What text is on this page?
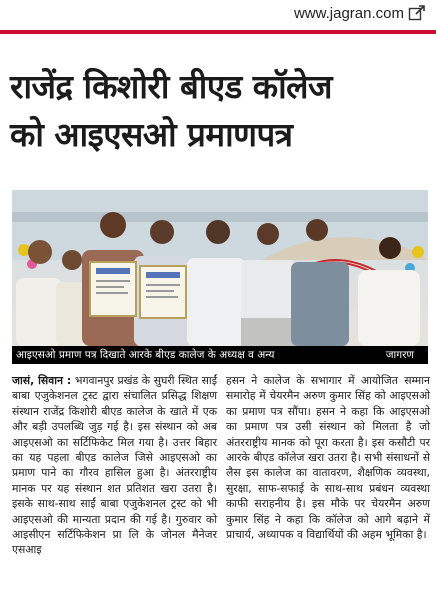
www.jagran.com
राजेंद्र किशोरी बीएड कॉलेज
को आइएसओ प्रमाणपत्र
आइएसओ प्रमाण पत्र दिखाते आरके बीएड कालेज के अध्यक्ष व अन्य	जागरण

जासं, सिवान : भगवानपुर प्रखंड के सुघरी स्थित साईं बाबा एजुकेशनल ट्रस्ट द्वारा संचालित प्रसिद्ध शिक्षण संस्थान राजेंद्र किशोरी बीएड कालेज के खाते में एक और बड़ी उपलब्धि जुड़ गई है। इस संस्थान को अब आइएसओ का सर्टिफिकेट मिल गया है। उत्तर बिहार का यह पहला बीएड कालेज जिसे आइएसओ का प्रमाण पाने का गौरव हासिल हुआ है। अंतरराष्ट्रीय मानक पर यह संस्थान शत प्रतिशत खरा उतरा है। इसके साथ-साथ साईं बाबा एजुकेशनल ट्रस्ट को भी आइएसओ की मान्यता प्रदान की गई है। गुरुवार को आइसीएन सर्टिफिकेशन प्रा लि के जोनल मैनेजर एसआइ

हसन ने कालेज के सभागार में आयोजित सम्मान समारोह में चेयरमैन अरुण कुमार सिंह को आइएसओ का प्रमाण पत्र सौंपा। हसन ने कहा कि आइएसओ का प्रमाण पत्र उसी संस्थान को मिलता है जो अंतरराष्ट्रीय मानक को पूरा करता है। इस कसौटी पर आरके बीएड कॉलेज खरा उतरा है। सभी संसाधनों से लैस इस कालेज का वातावरण, शैक्षणिक व्यवस्था, सुरक्षा, साफ-सफाई के साथ-साथ प्रबंधन व्यवस्था काफी सराहनीय है। इस मौके पर चेयरमैन अरुण कुमार सिंह ने कहा कि कॉलेज को आगे बढ़ाने में प्राचार्य, अध्यापक व विद्यार्थियों की अहम भूमिका है।
